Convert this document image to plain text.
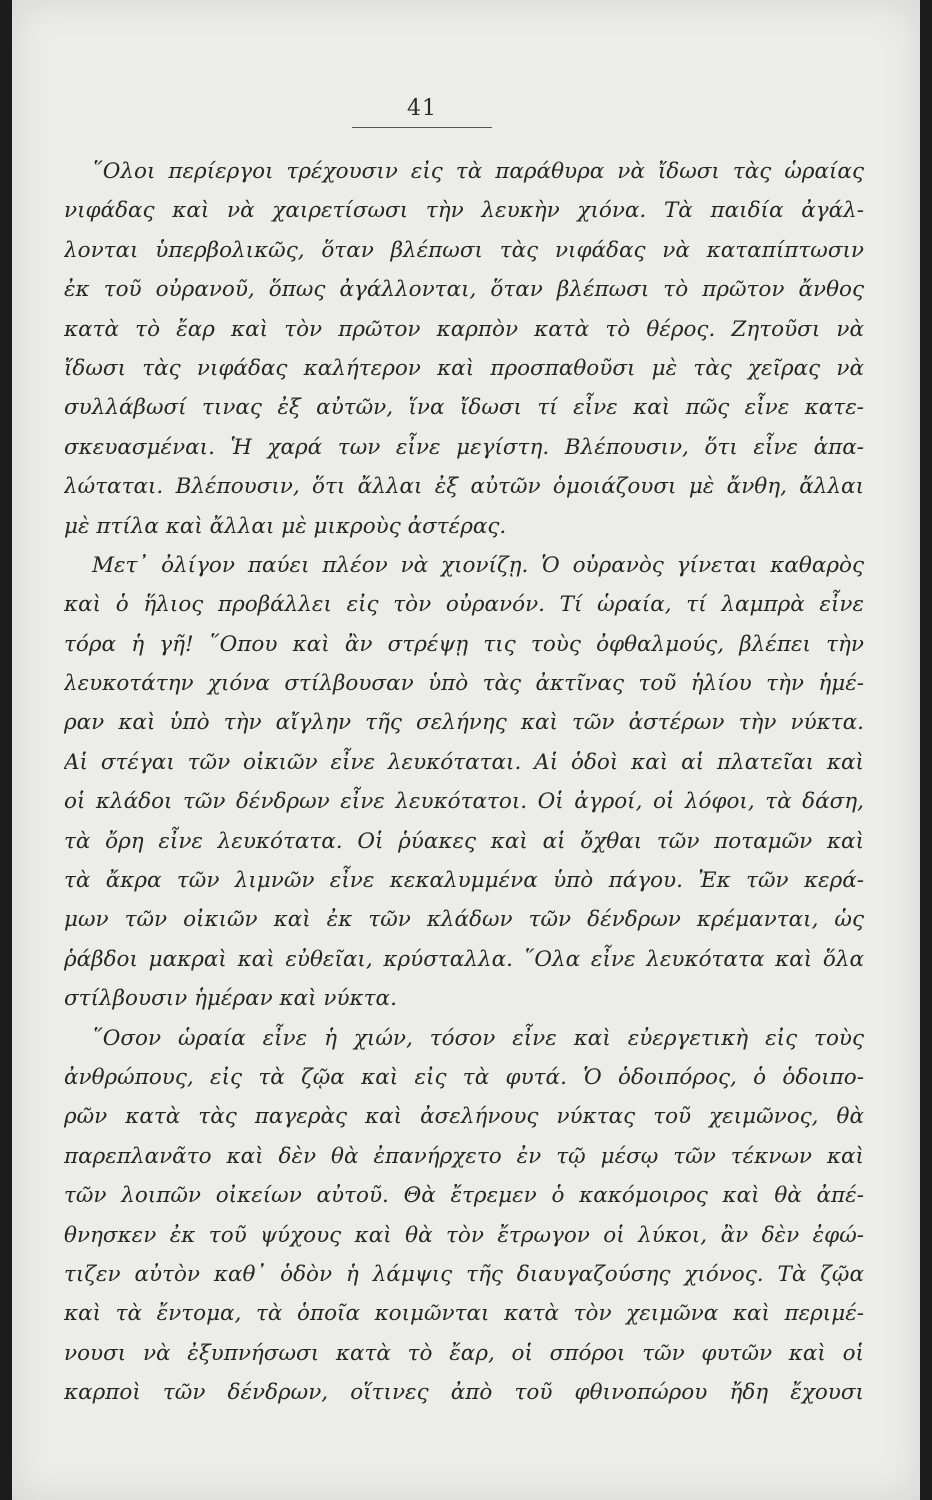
41
῞Ολοι περίεργοι τρέχουσιν εἰς τὰ παράθυρα νὰ ἴδωσι τὰς ὡραίας
νιφάδας καὶ νὰ χαιρετίσωσι τὴν λευκὴν χιόνα. Τὰ παιδία ἀγάλ-
λονται ὑπερβολικῶς, ὅταν βλέπωσι τὰς νιφάδας νὰ καταπίπτωσιν
ἐκ τοῦ οὐρανοῦ, ὅπως ἀγάλλονται, ὅταν βλέπωσι τὸ πρῶτον ἄνθος
κατὰ τὸ ἔαρ καὶ τὸν πρῶτον καρπὸν κατὰ τὸ θέρος. Ζητοῦσι νὰ
ἴδωσι τὰς νιφάδας καλήτερον καὶ προσπαθοῦσι μὲ τὰς χεῖρας νὰ
συλλάβωσί τινας ἐξ αὐτῶν, ἵνα ἴδωσι τί εἶνε καὶ πῶς εἶνε κατε-
σκευασμέναι. Ἡ χαρά των εἶνε μεγίστη. Βλέπουσιν, ὅτι εἶνε ἁπα-
λώταται. Βλέπουσιν, ὅτι ἄλλαι ἐξ αὐτῶν ὁμοιάζουσι μὲ ἄνθη, ἄλλαι
μὲ πτίλα καὶ ἄλλαι μὲ μικροὺς ἀστέρας.
Μετ᾽ ὀλίγον παύει πλέον νὰ χιονίζῃ. Ὁ οὐρανὸς γίνεται καθαρὸς
καὶ ὁ ἥλιος προβάλλει εἰς τὸν οὐρανόν. Τί ὡραία, τί λαμπρὰ εἶνε
τόρα ἡ γῆ! ῞Οπου καὶ ἂν στρέψῃ τις τοὺς ὀφθαλμούς, βλέπει τὴν
λευκοτάτην χιόνα στίλβουσαν ὑπὸ τὰς ἀκτῖνας τοῦ ἡλίου τὴν ἡμέ-
ραν καὶ ὑπὸ τὴν αἴγλην τῆς σελήνης καὶ τῶν ἀστέρων τὴν νύκτα.
Αἱ στέγαι τῶν οἰκιῶν εἶνε λευκόταται. Αἱ ὁδοὶ καὶ αἱ πλατεῖαι καὶ
οἱ κλάδοι τῶν δένδρων εἶνε λευκότατοι. Οἱ ἀγροί, οἱ λόφοι, τὰ δάση,
τὰ ὄρη εἶνε λευκότατα. Οἱ ῥύακες καὶ αἱ ὄχθαι τῶν ποταμῶν καὶ
τὰ ἄκρα τῶν λιμνῶν εἶνε κεκαλυμμένα ὑπὸ πάγου. Ἐκ τῶν κερά-
μων τῶν οἰκιῶν καὶ ἐκ τῶν κλάδων τῶν δένδρων κρέμανται, ὡς
ῥάβδοι μακραὶ καὶ εὐθεῖαι, κρύσταλλα. ῞Ολα εἶνε λευκότατα καὶ ὅλα
στίλβουσιν ἡμέραν καὶ νύκτα.
῞Οσον ὡραία εἶνε ἡ χιών, τόσον εἶνε καὶ εὐεργετικὴ εἰς τοὺς
ἀνθρώπους, εἰς τὰ ζῷα καὶ εἰς τὰ φυτά. Ὁ ὁδοιπόρος, ὁ ὁδοιπο-
ρῶν κατὰ τὰς παγερὰς καὶ ἀσελήνους νύκτας τοῦ χειμῶνος, θὰ
παρεπλανᾶτο καὶ δὲν θὰ ἐπανήρχετο ἐν τῷ μέσῳ τῶν τέκνων καὶ
τῶν λοιπῶν οἰκείων αὐτοῦ. Θὰ ἔτρεμεν ὁ κακόμοιρος καὶ θὰ ἀπέ-
θνησκεν ἐκ τοῦ ψύχους καὶ θὰ τὸν ἔτρωγον οἱ λύκοι, ἂν δὲν ἐφώ-
τιζεν αὐτὸν καθ᾽ ὁδὸν ἡ λάμψις τῆς διαυγαζούσης χιόνος. Τὰ ζῷα
καὶ τὰ ἔντομα, τὰ ὁποῖα κοιμῶνται κατὰ τὸν χειμῶνα καὶ περιμέ-
νουσι νὰ ἐξυπνήσωσι κατὰ τὸ ἔαρ, οἱ σπόροι τῶν φυτῶν καὶ οἱ
καρποὶ τῶν δένδρων, οἵτινες ἀπὸ τοῦ φθινοπώρου ἤδη ἔχουσι
